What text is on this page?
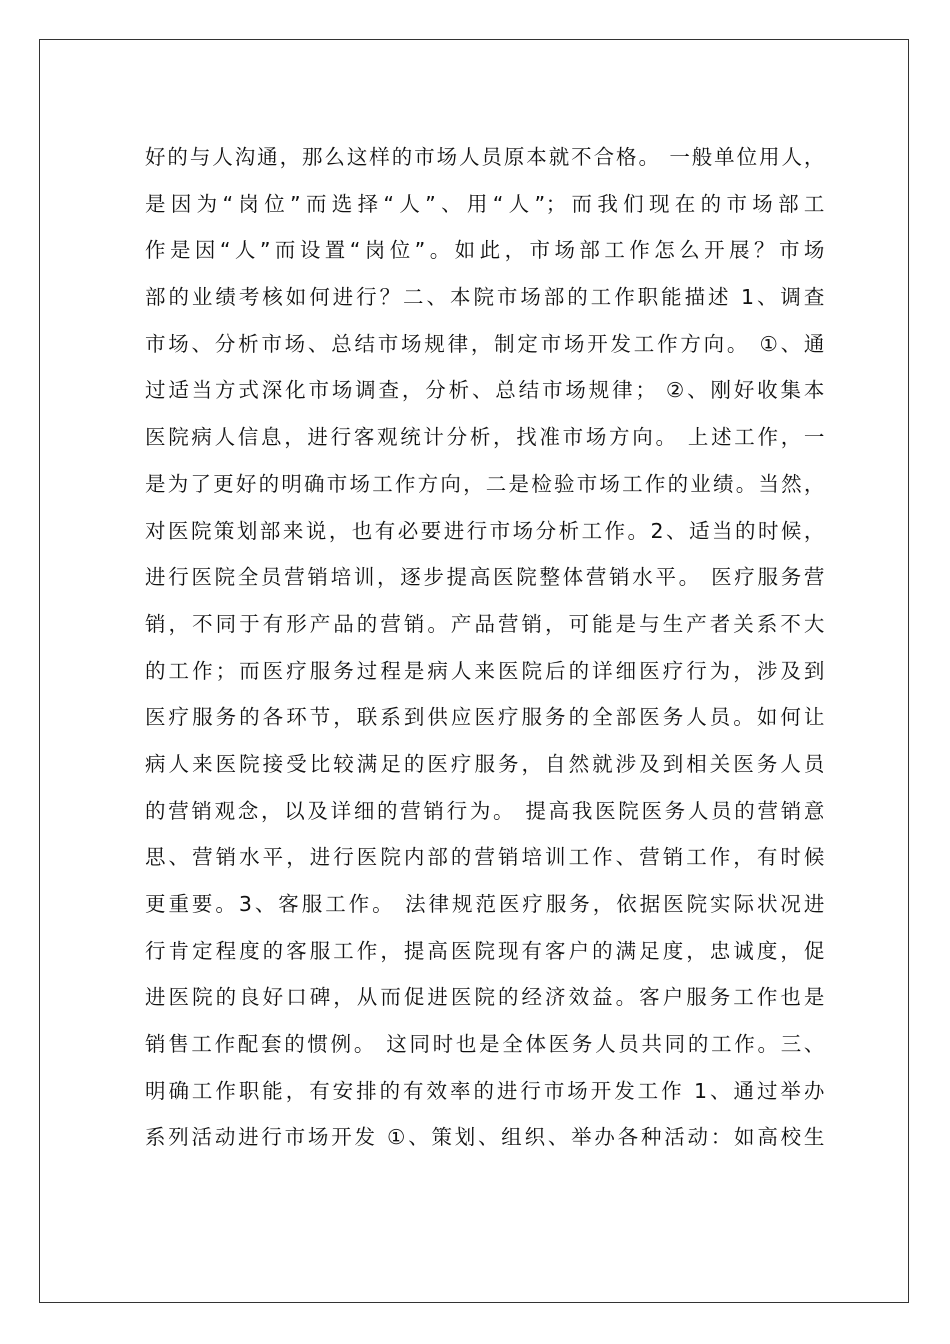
好的与人沟通，那么这样的市场人员原本就不合格。 一般单位用人，
是因为“岗位”而选择“人”、用“人”；而我们现在的市场部工
作是因“人”而设置“岗位”。如此，市场部工作怎么开展？市场
部的业绩考核如何进行？二、本院市场部的工作职能描述 1、调查
市场、分析市场、总结市场规律，制定市场开发工作方向。 ①、通
过适当方式深化市场调查，分析、总结市场规律； ②、刚好收集本
医院病人信息，进行客观统计分析，找准市场方向。 上述工作，一
是为了更好的明确市场工作方向，二是检验市场工作的业绩。当然，
对医院策划部来说，也有必要进行市场分析工作。2、适当的时候，
进行医院全员营销培训，逐步提高医院整体营销水平。 医疗服务营
销，不同于有形产品的营销。产品营销，可能是与生产者关系不大
的工作；而医疗服务过程是病人来医院后的详细医疗行为，涉及到
医疗服务的各环节，联系到供应医疗服务的全部医务人员。如何让
病人来医院接受比较满足的医疗服务，自然就涉及到相关医务人员
的营销观念，以及详细的营销行为。 提高我医院医务人员的营销意
思、营销水平，进行医院内部的营销培训工作、营销工作，有时候
更重要。3、客服工作。 法律规范医疗服务，依据医院实际状况进
行肯定程度的客服工作，提高医院现有客户的满足度，忠诚度，促
进医院的良好口碑，从而促进医院的经济效益。客户服务工作也是
销售工作配套的惯例。 这同时也是全体医务人员共同的工作。三、
明确工作职能，有安排的有效率的进行市场开发工作 1、通过举办
系列活动进行市场开发 ①、策划、组织、举办各种活动：如高校生
